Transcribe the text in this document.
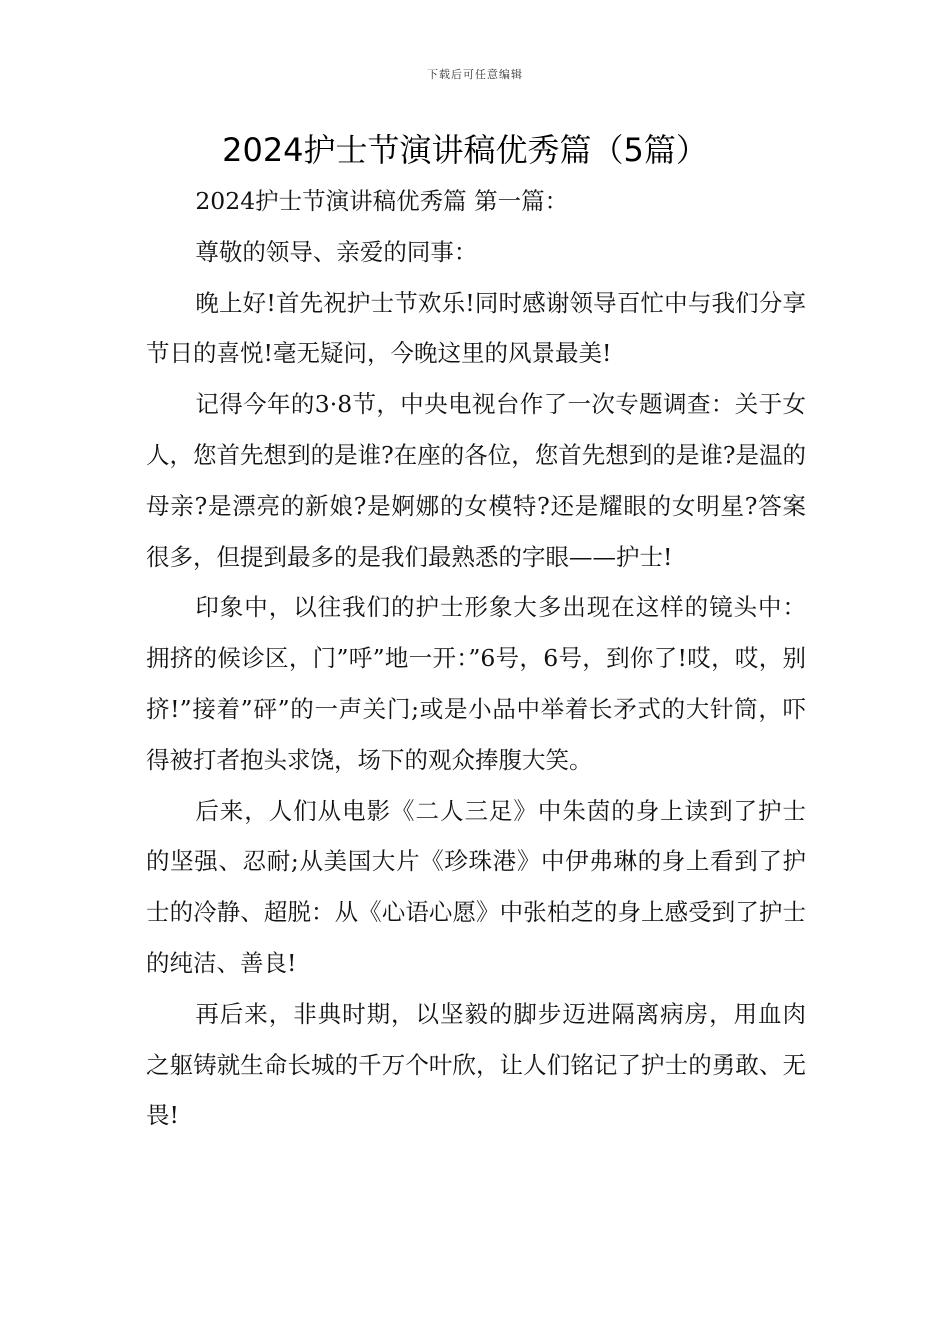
下载后可任意编辑
2024护士节演讲稿优秀篇（5篇）

2024护士节演讲稿优秀篇 第一篇：

尊敬的领导、亲爱的同事：

晚上好!首先祝护士节欢乐!同时感谢领导百忙中与我们分享节日的喜悦!毫无疑问，今晚这里的风景最美!

记得今年的3·8节，中央电视台作了一次专题调查：关于女人，您首先想到的是谁?在座的各位，您首先想到的是谁?是温的母亲?是漂亮的新娘?是婀娜的女模特?还是耀眼的女明星?答案很多，但提到最多的是我们最熟悉的字眼——护士!

印象中，以往我们的护士形象大多出现在这样的镜头中：拥挤的候诊区，门”呼”地一开：”6号，6号，到你了!哎，哎，别挤!”接着”砰”的一声关门;或是小品中举着长矛式的大针筒，吓得被打者抱头求饶，场下的观众捧腹大笑。

后来，人们从电影《二人三足》中朱茵的身上读到了护士的坚强、忍耐;从美国大片《珍珠港》中伊弗琳的身上看到了护士的冷静、超脱：从《心语心愿》中张柏芝的身上感受到了护士的纯洁、善良!

再后来，非典时期，以坚毅的脚步迈进隔离病房，用血肉之躯铸就生命长城的千万个叶欣，让人们铭记了护士的勇敢、无畏!
